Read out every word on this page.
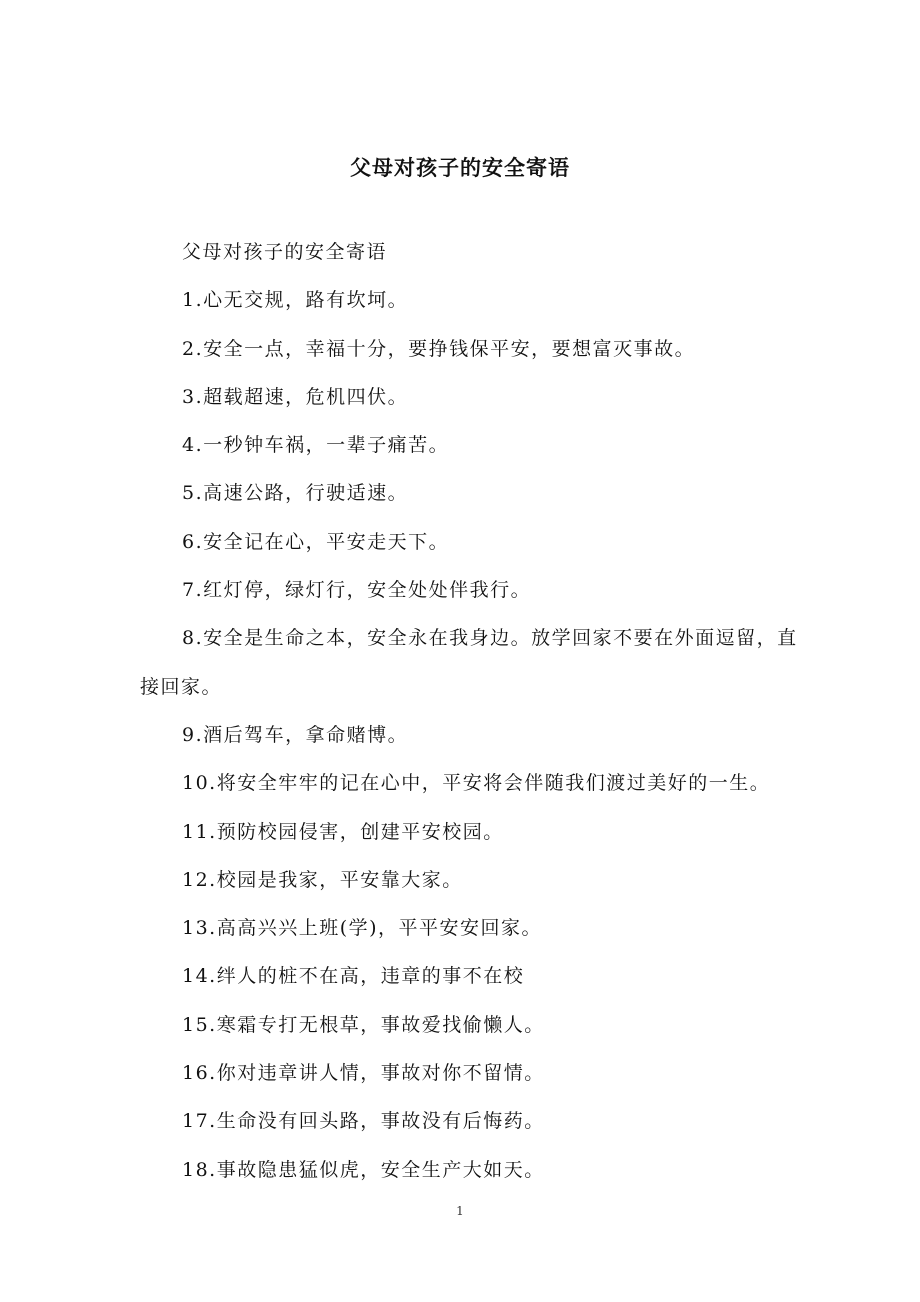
父母对孩子的安全寄语

父母对孩子的安全寄语

1.心无交规，路有坎坷。

2.安全一点，幸福十分，要挣钱保平安，要想富灭事故。

3.超载超速，危机四伏。

4.一秒钟车祸，一辈子痛苦。

5.高速公路，行驶适速。

6.安全记在心，平安走天下。

7.红灯停，绿灯行，安全处处伴我行。

8.安全是生命之本，安全永在我身边。放学回家不要在外面逗留，直接回家。

9.酒后驾车，拿命赌博。

10.将安全牢牢的记在心中，平安将会伴随我们渡过美好的一生。

11.预防校园侵害，创建平安校园。

12.校园是我家，平安靠大家。

13.高高兴兴上班(学)，平平安安回家。

14.绊人的桩不在高，违章的事不在校

15.寒霜专打无根草，事故爱找偷懒人。

16.你对违章讲人情，事故对你不留情。

17.生命没有回头路，事故没有后悔药。

18.事故隐患猛似虎，安全生产大如天。

1
